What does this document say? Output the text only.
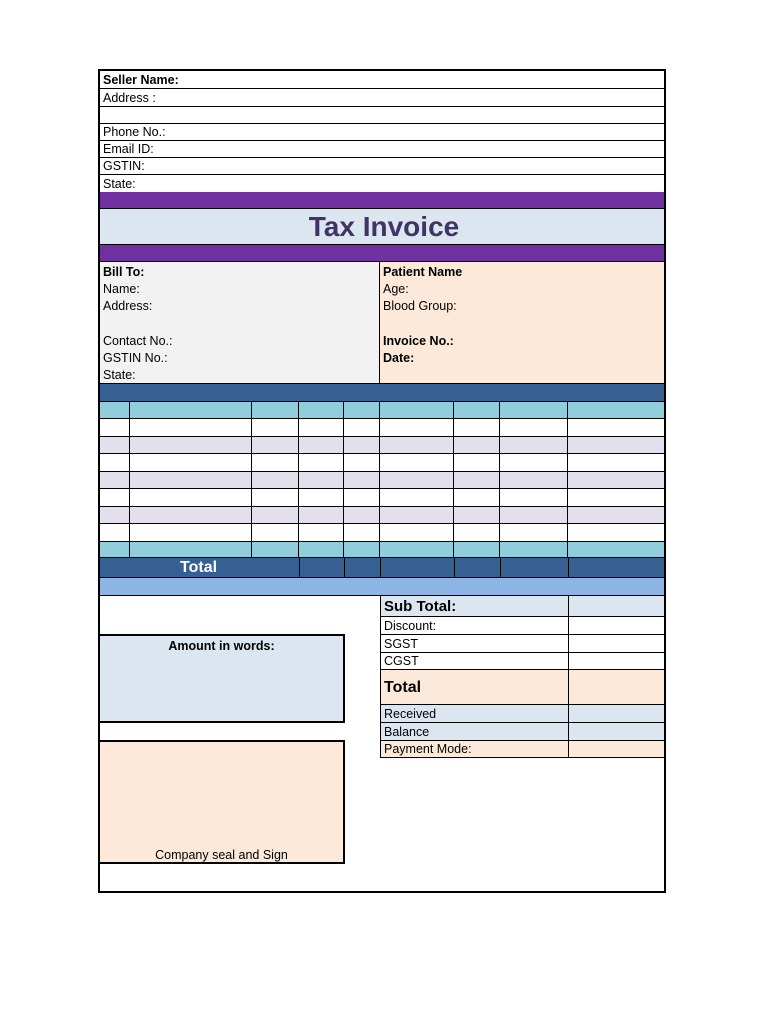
Seller Name:
Address :
Phone No.:
Email ID:
GSTIN:
State:
Tax Invoice
Bill To:
Name:
Address:
Contact No.:
GSTIN No.:
State:
Patient Name
Age:
Blood Group:
Invoice No.:
Date:
Total
Sub Total:
Discount:
SGST
CGST
Total
Received
Balance
Payment Mode:
Amount in words:
Company seal and Sign
